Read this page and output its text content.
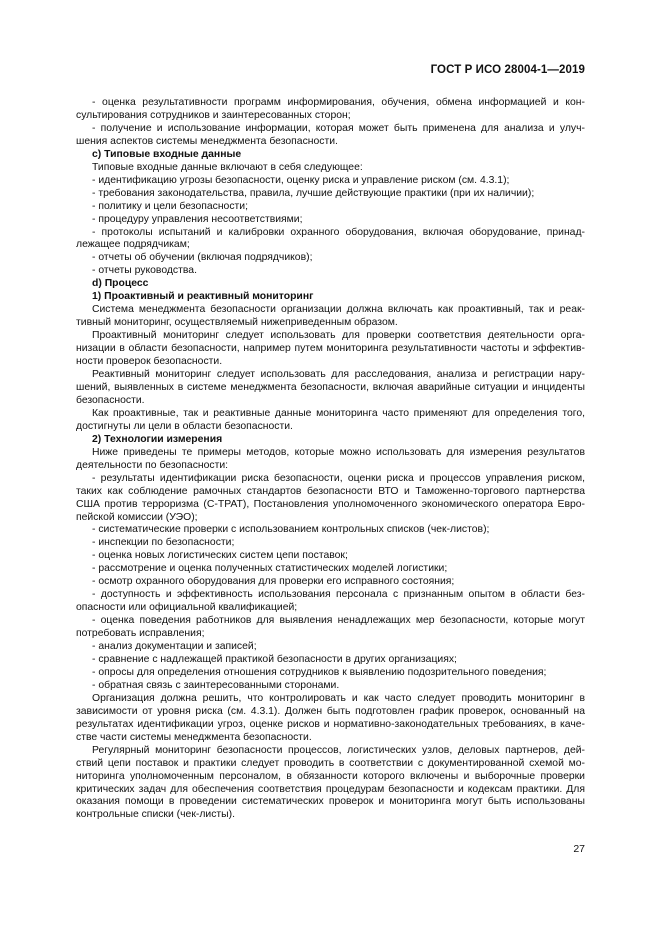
ГОСТ Р ИСО 28004-1—2019

- оценка результативности программ информирования, обучения, обмена информацией и кон-сультирования сотрудников и заинтересованных сторон;

- получение и использование информации, которая может быть применена для анализа и улуч-шения аспектов системы менеджмента безопасности.

c) Типовые входные данные

Типовые входные данные включают в себя следующее:

- идентификацию угрозы безопасности, оценку риска и управление риском (см. 4.3.1);

- требования законодательства, правила, лучшие действующие практики (при их наличии);

- политику и цели безопасности;

- процедуру управления несоответствиями;

- протоколы испытаний и калибровки охранного оборудования, включая оборудование, принад-лежащее подрядчикам;

- отчеты об обучении (включая подрядчиков);

- отчеты руководства.

d) Процесс

1) Проактивный и реактивный мониторинг

Система менеджмента безопасности организации должна включать как проактивный, так и реак-тивный мониторинг, осуществляемый нижеприведенным образом.

Проактивный мониторинг следует использовать для проверки соответствия деятельности орга-низации в области безопасности, например путем мониторинга результативности частоты и эффектив-ности проверок безопасности.

Реактивный мониторинг следует использовать для расследования, анализа и регистрации нару-шений, выявленных в системе менеджмента безопасности, включая аварийные ситуации и инциденты безопасности.

Как проактивные, так и реактивные данные мониторинга часто применяют для определения того, достигнуты ли цели в области безопасности.

2) Технологии измерения

Ниже приведены те примеры методов, которые можно использовать для измерения результатов деятельности по безопасности:

- результаты идентификации риска безопасности, оценки риска и процессов управления риском, таких как соблюдение рамочных стандартов безопасности ВТО и Таможенно-торгового партнерства США против терроризма (C-TPAT), Постановления уполномоченного экономического оператора Евро-пейской комиссии (УЭО);

- систематические проверки с использованием контрольных списков (чек-листов);

- инспекции по безопасности;

- оценка новых логистических систем цепи поставок;

- рассмотрение и оценка полученных статистических моделей логистики;

- осмотр охранного оборудования для проверки его исправного состояния;

- доступность и эффективность использования персонала с признанным опытом в области без-опасности или официальной квалификацией;

- оценка поведения работников для выявления ненадлежащих мер безопасности, которые могут потребовать исправления;

- анализ документации и записей;

- сравнение с надлежащей практикой безопасности в других организациях;

- опросы для определения отношения сотрудников к выявлению подозрительного поведения;

- обратная связь с заинтересованными сторонами.

Организация должна решить, что контролировать и как часто следует проводить мониторинг в зависимости от уровня риска (см. 4.3.1). Должен быть подготовлен график проверок, основанный на результатах идентификации угроз, оценке рисков и нормативно-законодательных требованиях, в каче-стве части системы менеджмента безопасности.

Регулярный мониторинг безопасности процессов, логистических узлов, деловых партнеров, дей-ствий цепи поставок и практики следует проводить в соответствии с документированной схемой мо-ниторинга уполномоченным персоналом, в обязанности которого включены и выборочные проверки критических задач для обеспечения соответствия процедурам безопасности и кодексам практики. Для оказания помощи в проведении систематических проверок и мониторинга могут быть использованы контрольные списки (чек-листы).

27
